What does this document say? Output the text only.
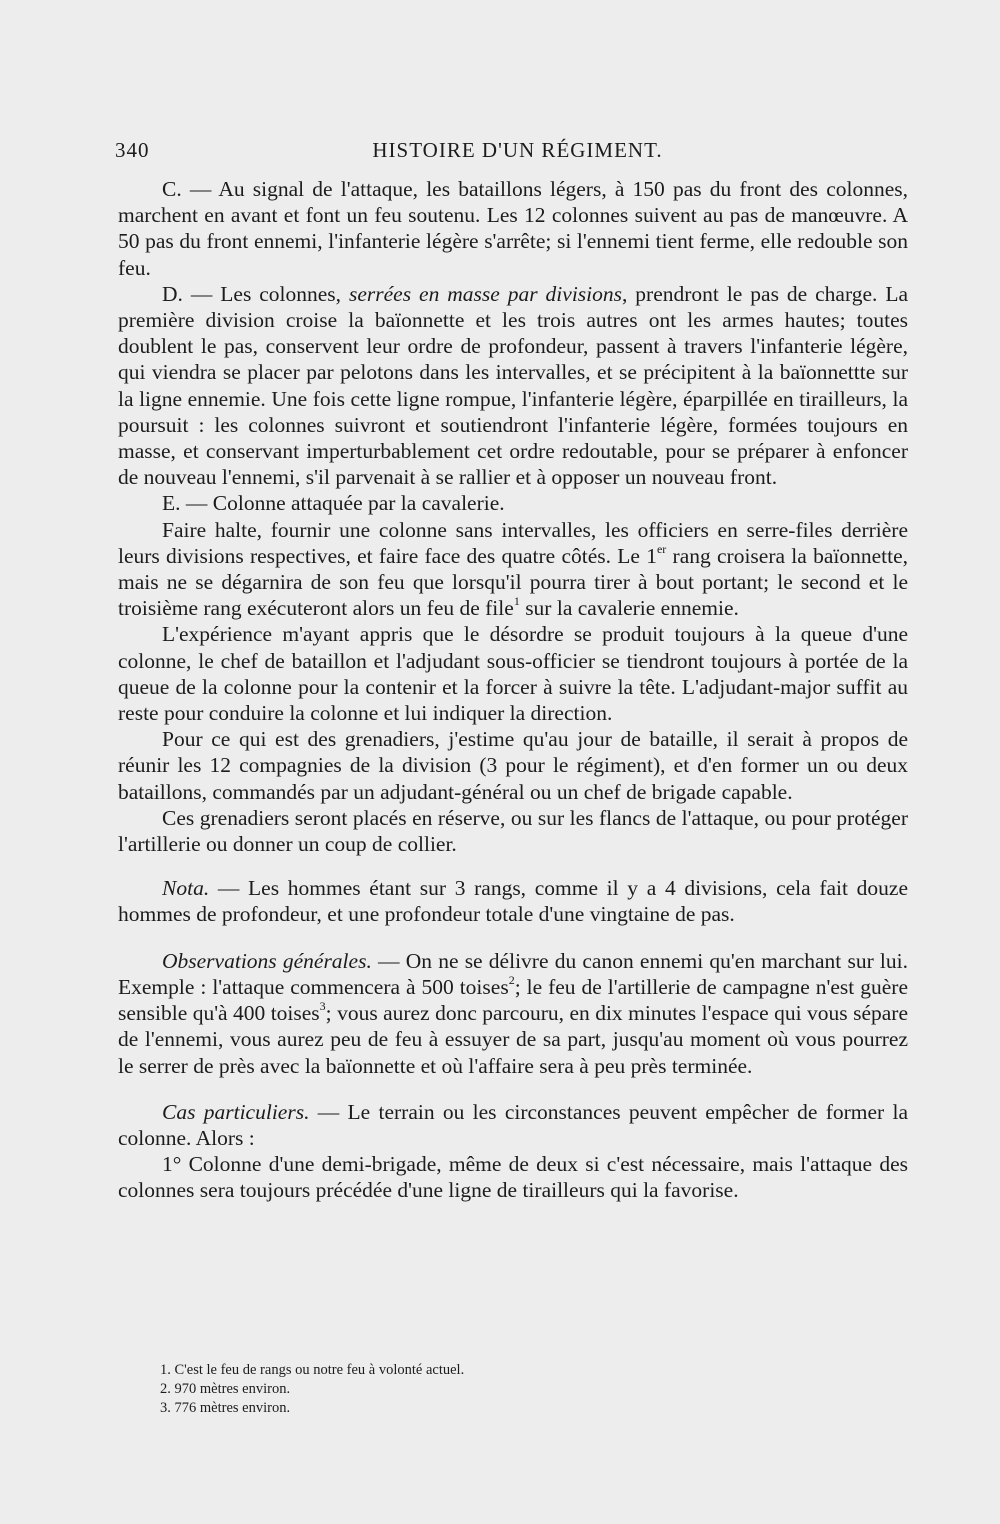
340	HISTOIRE D'UN RÉGIMENT.

C. — Au signal de l'attaque, les bataillons légers, à 150 pas du front des colonnes, marchent en avant et font un feu soutenu. Les 12 colonnes suivent au pas de manœuvre. A 50 pas du front ennemi, l'infanterie légère s'arrête; si l'ennemi tient ferme, elle redouble son feu.

D. — Les colonnes, serrées en masse par divisions, prendront le pas de charge. La première division croise la baïonnette et les trois autres ont les armes hautes; toutes doublent le pas, conservent leur ordre de profondeur, passent à travers l'infanterie légère, qui viendra se placer par pelotons dans les intervalles, et se précipitent à la baïonnettte sur la ligne ennemie. Une fois cette ligne rompue, l'infanterie légère, éparpillée en tirailleurs, la poursuit : les colonnes suivront et soutiendront l'infanterie légère, formées toujours en masse, et conservant imperturbablement cet ordre redoutable, pour se préparer à enfoncer de nouveau l'ennemi, s'il parvenait à se rallier et à opposer un nouveau front.

E. — Colonne attaquée par la cavalerie.

Faire halte, fournir une colonne sans intervalles, les officiers en serre-files derrière leurs divisions respectives, et faire face des quatre côtés. Le 1er rang croisera la baïonnette, mais ne se dégarnira de son feu que lorsqu'il pourra tirer à bout portant; le second et le troisième rang exécuteront alors un feu de file$^1$ sur la cavalerie ennemie.

L'expérience m'ayant appris que le désordre se produit toujours à la queue d'une colonne, le chef de bataillon et l'adjudant sous-officier se tiendront toujours à portée de la queue de la colonne pour la contenir et la forcer à suivre la tête. L'adjudant-major suffit au reste pour conduire la colonne et lui indiquer la direction.

Pour ce qui est des grenadiers, j'estime qu'au jour de bataille, il serait à propos de réunir les 12 compagnies de la division (3 pour le régiment), et d'en former un ou deux bataillons, commandés par un adjudant-général ou un chef de brigade capable.

Ces grenadiers seront placés en réserve, ou sur les flancs de l'attaque, ou pour protéger l'artillerie ou donner un coup de collier.

Nota. — Les hommes étant sur 3 rangs, comme il y a 4 divisions, cela fait douze hommes de profondeur, et une profondeur totale d'une vingtaine de pas.

Observations générales. — On ne se délivre du canon ennemi qu'en marchant sur lui. Exemple : l'attaque commencera à 500 toises$^2$; le feu de l'artillerie de campagne n'est guère sensible qu'à 400 toises$^3$; vous aurez donc parcouru, en dix minutes l'espace qui vous sépare de l'ennemi, vous aurez peu de feu à essuyer de sa part, jusqu'au moment où vous pourrez le serrer de près avec la baïonnette et où l'affaire sera à peu près terminée.

Cas particuliers. — Le terrain ou les circonstances peuvent empêcher de former la colonne. Alors :

1° Colonne d'une demi-brigade, même de deux si c'est nécessaire, mais l'attaque des colonnes sera toujours précédée d'une ligne de tirailleurs qui la favorise.

1. C'est le feu de rangs ou notre feu à volonté actuel.
2. 970 mètres environ.
3. 776 mètres environ.
